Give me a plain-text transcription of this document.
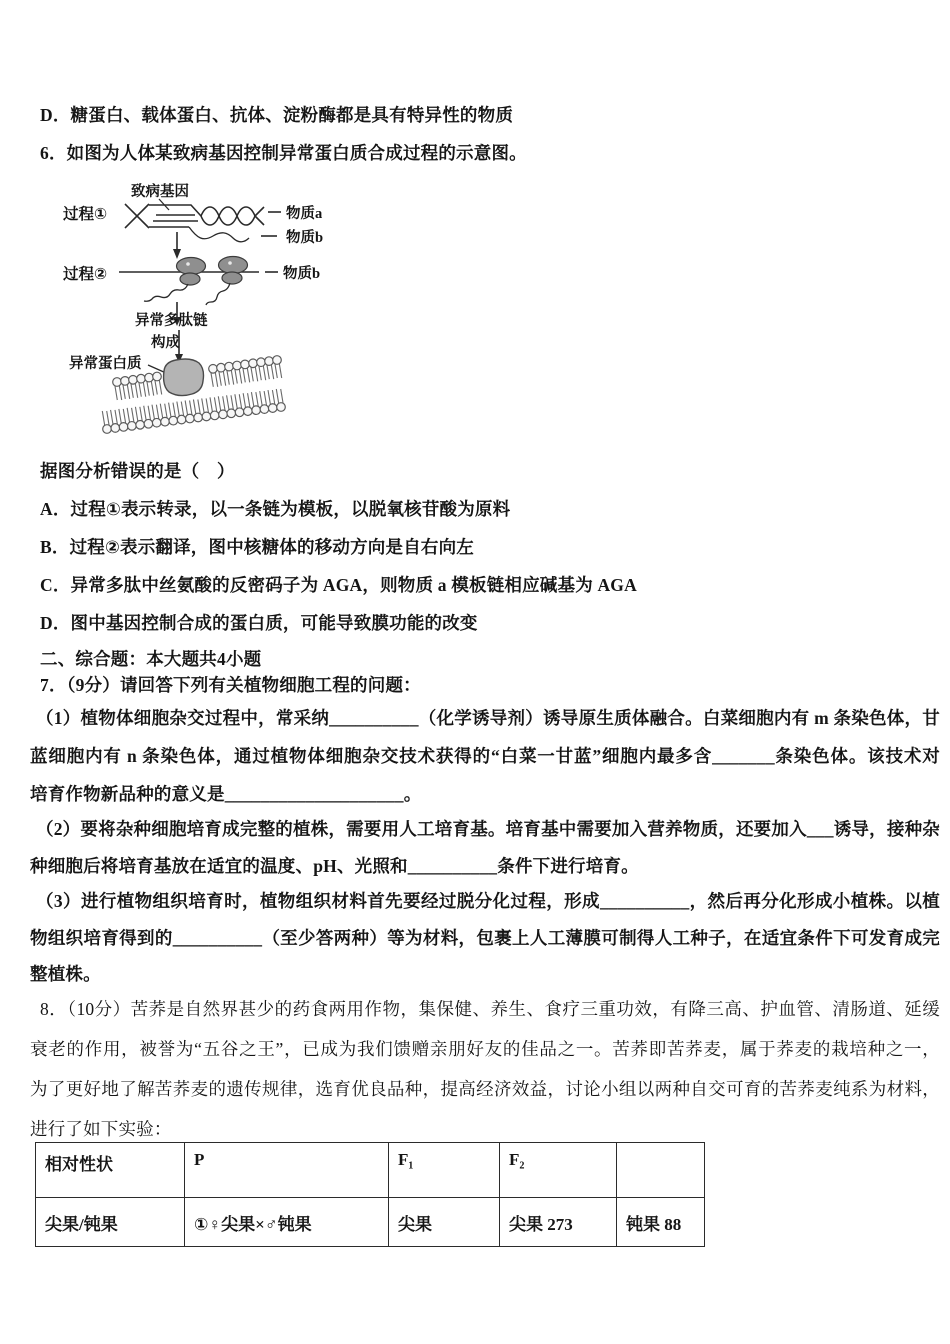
D．糖蛋白、载体蛋白、抗体、淀粉酶都是具有特异性的物质
6．如图为人体某致病基因控制异常蛋白质合成过程的示意图。
致病基因
过程①	物质a
物质b
过程②	物质b
异常多肽链
构成
异常蛋白质
据图分析错误的是（　）
A．过程①表示转录，以一条链为模板，以脱氧核苷酸为原料
B．过程②表示翻译，图中核糖体的移动方向是自右向左
C．异常多肽中丝氨酸的反密码子为 AGA，则物质 a 模板链相应碱基为 AGA
D．图中基因控制合成的蛋白质，可能导致膜功能的改变
二、综合题：本大题共4小题
7．（9分）请回答下列有关植物细胞工程的问题：
（1）植物体细胞杂交过程中，常采纳__________（化学诱导剂）诱导原生质体融合。白菜细胞内有 m 条染色体，甘
蓝细胞内有 n 条染色体，通过植物体细胞杂交技术获得的“白菜一甘蓝”细胞内最多含_______条染色体。该技术对
培育作物新品种的意义是____________________。
（2）要将杂种细胞培育成完整的植株，需要用人工培育基。培育基中需要加入营养物质，还要加入___诱导，接种杂
种细胞后将培育基放在适宜的温度、pH、光照和__________条件下进行培育。
（3）进行植物组织培育时，植物组织材料首先要经过脱分化过程，形成__________，然后再分化形成小植株。以植
物组织培育得到的__________（至少答两种）等为材料，包裹上人工薄膜可制得人工种子，在适宜条件下可发育成完
整植株。
8．（10分）苦荞是自然界甚少的药食两用作物，集保健、养生、食疗三重功效，有降三高、护血管、清肠道、延缓
衰老的作用，被誉为“五谷之王”，已成为我们馈赠亲朋好友的佳品之一。苦荞即苦荞麦，属于荞麦的栽培种之一，
为了更好地了解苦荞麦的遗传规律，选育优良品种，提高经济效益，讨论小组以两种自交可育的苦荞麦纯系为材料，
进行了如下实验：
相对性状	P	F₁	F₂	
尖果/钝果	①♀尖果×♂钝果	尖果	尖果 273	钝果 88
